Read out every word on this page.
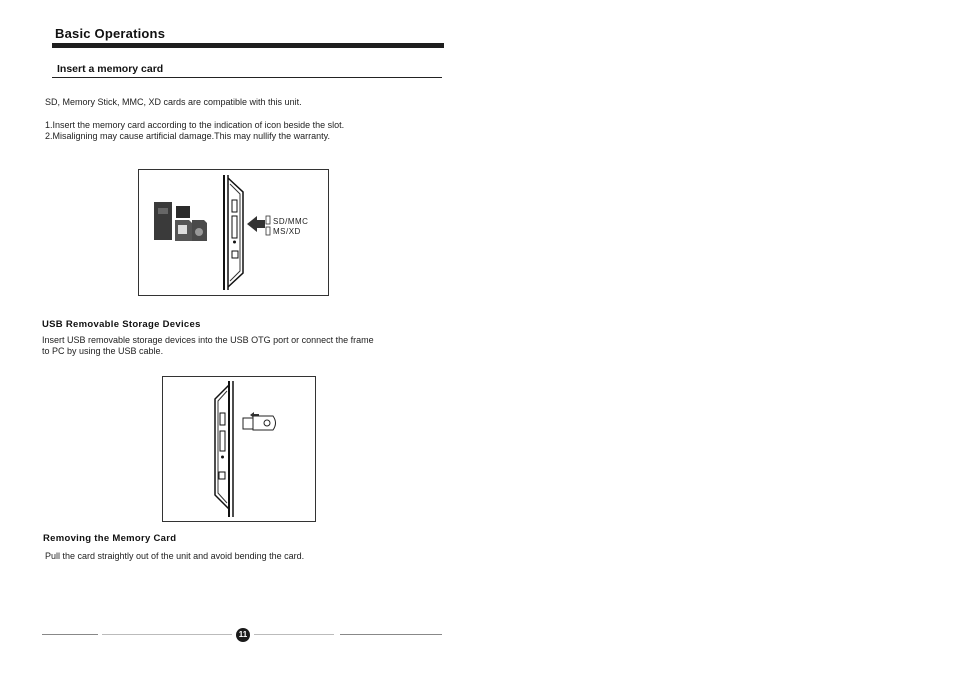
Basic Operations
Insert a memory card
SD, Memory Stick, MMC, XD cards are compatible with this unit.
1.Insert the memory card according to the indication of icon beside the slot.
2.Misaligning may cause artificial damage.This may nullify the warranty.
SD/MMC
MS/XD
USB Removable Storage Devices
Insert USB removable storage devices into the USB OTG port or connect the frame
to PC by using the USB cable.
Removing the Memory Card
Pull the card straightly out of the unit and avoid bending the card.
11
